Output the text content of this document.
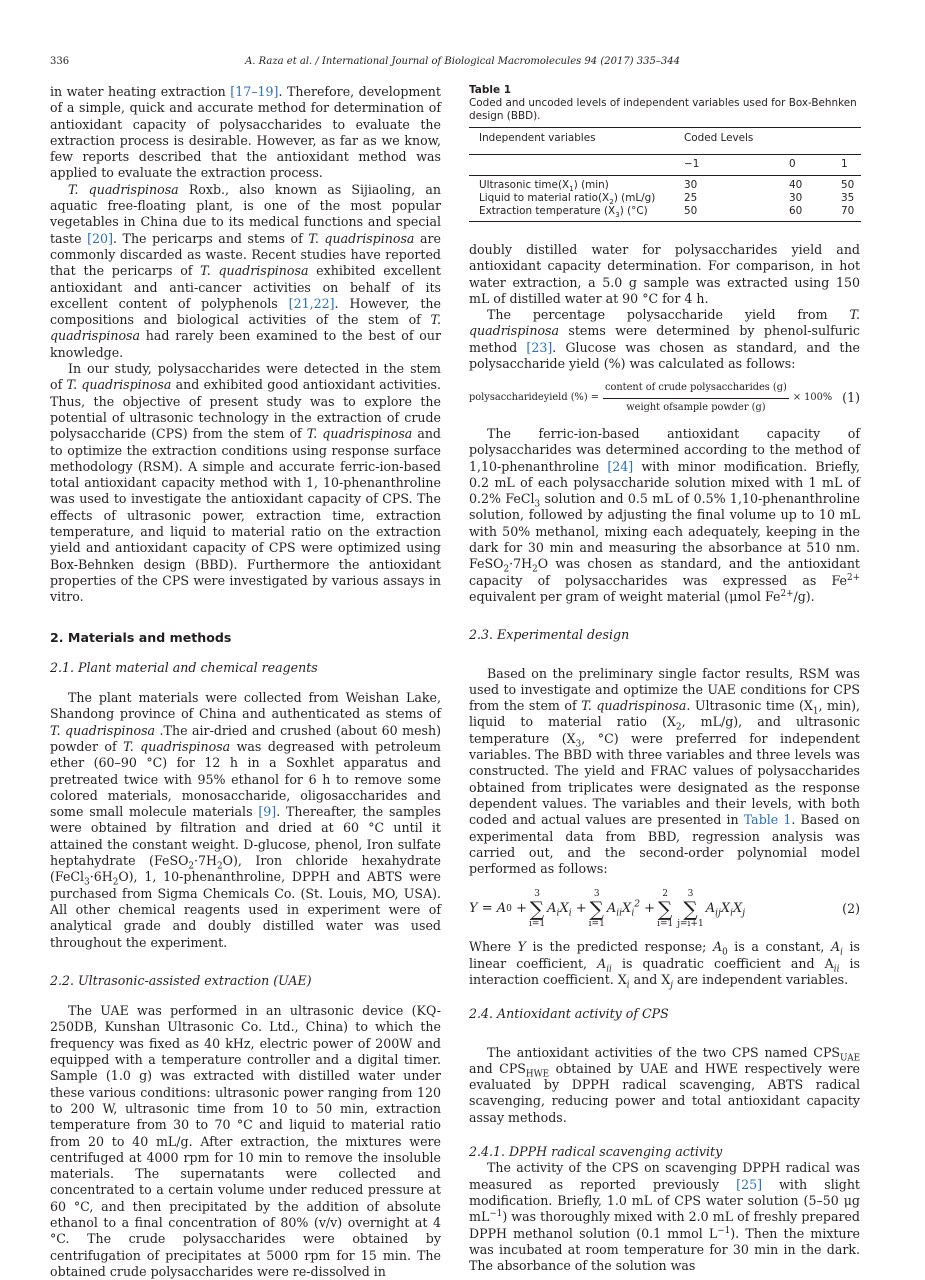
336	A. Raza et al. / International Journal of Biological Macromolecules 94 (2017) 335–344

in water heating extraction [17–19]. Therefore, development of a simple, quick and accurate method for determination of antioxidant capacity of polysaccharides to evaluate the extraction process is desirable. However, as far as we know, few reports described that the antioxidant method was applied to evaluate the extraction process.

T. quadrispinosa Roxb., also known as Sijiaoling, an aquatic free-floating plant, is one of the most popular vegetables in China due to its medical functions and special taste [20]. The pericarps and stems of T. quadrispinosa are commonly discarded as waste. Recent studies have reported that the pericarps of T. quadrispinosa exhibited excellent antioxidant and anti-cancer activities on behalf of its excellent content of polyphenols [21,22]. However, the compositions and biological activities of the stem of T. quadrispinosa had rarely been examined to the best of our knowledge.

In our study, polysaccharides were detected in the stem of T. quadrispinosa and exhibited good antioxidant activities. Thus, the objective of present study was to explore the potential of ultrasonic technology in the extraction of crude polysaccharide (CPS) from the stem of T. quadrispinosa and to optimize the extraction conditions using response surface methodology (RSM). A simple and accurate ferric-ion-based total antioxidant capacity method with 1, 10-phenanthroline was used to investigate the antioxidant capacity of CPS. The effects of ultrasonic power, extraction time, extraction temperature, and liquid to material ratio on the extraction yield and antioxidant capacity of CPS were optimized using Box-Behnken design (BBD). Furthermore the antioxidant properties of the CPS were investigated by various assays in vitro.

2. Materials and methods
2.1. Plant material and chemical reagents

The plant materials were collected from Weishan Lake, Shandong province of China and authenticated as stems of T. quadrispinosa .The air-dried and crushed (about 60 mesh) powder of T. quadrispinosa was degreased with petroleum ether (60–90 °C) for 12 h in a Soxhlet apparatus and pretreated twice with 95% ethanol for 6 h to remove some colored materials, monosaccharide, oligosaccharides and some small molecule materials [9]. Thereafter, the samples were obtained by filtration and dried at 60 °C until it attained the constant weight. D-glucose, phenol, Iron sulfate heptahydrate $(FeSO_2\cdot 7H_2O)$, Iron chloride hexahydrate $(FeCl_3\cdot 6H_2O)$, 1, 10-phenanthroline, DPPH and ABTS were purchased from Sigma Chemicals Co. (St. Louis, MO, USA). All other chemical reagents used in experiment were of analytical grade and doubly distilled water was used throughout the experiment.

2.2. Ultrasonic-assisted extraction (UAE)

The UAE was performed in an ultrasonic device (KQ-250DB, Kunshan Ultrasonic Co. Ltd., China) to which the frequency was fixed as 40 kHz, electric power of 200W and equipped with a temperature controller and a digital timer. Sample (1.0 g) was extracted with distilled water under these various conditions: ultrasonic power ranging from 120 to 200 W, ultrasonic time from 10 to 50 min, extraction temperature from 30 to 70 °C and liquid to material ratio from 20 to 40 mL/g. After extraction, the mixtures were centrifuged at 4000 rpm for 10 min to remove the insoluble materials. The supernatants were collected and concentrated to a certain volume under reduced pressure at 60 °C, and then precipitated by the addition of absolute ethanol to a final concentration of 80% (v/v) overnight at 4 °C. The crude polysaccharides were obtained by centrifugation of precipitates at 5000 rpm for 15 min. The obtained crude polysaccharides were re-dissolved in

Table 1
Coded and uncoded levels of independent variables used for Box-Behnken design (BBD).
Independent variables	Coded Levels		
	−1	0	1
Ultrasonic $time(X_1)$ (min)	30	40	50
Liquid to material $ratio(X_2)$ (mL/g)	25	30	35
Extraction temperature $(X_3)$ (°C)	50	60	70

doubly distilled water for polysaccharides yield and antioxidant capacity determination. For comparison, in hot water extraction, a 5.0 g sample was extracted using 150 mL of distilled water at 90 °C for 4 h.

The percentage polysaccharide yield from T. quadrispinosa stems were determined by phenol-sulfuric method [23]. Glucose was chosen as standard, and the polysaccharide yield (%) was calculated as follows:

polysaccharideyield (%) = $\frac{\text{content of crude polysaccharides (g)}}{\text{weight ofsample powder (g)}} \times 100\%$ (1)

The ferric-ion-based antioxidant capacity of polysaccharides was determined according to the method of 1,10-phenanthroline [24] with minor modification. Briefly, 0.2 mL of each polysaccharide solution mixed with 1 mL of 0.2% FeCl$_3$ solution and 0.5 mL of 0.5% 1,10-phenanthroline solution, followed by adjusting the final volume up to 10 mL with 50% methanol, mixing each adequately, keeping in the dark for 30 min and measuring the absorbance at 510 nm. $FeSO_2\cdot 7H_2O$ was chosen as standard, and the antioxidant capacity of polysaccharides was expressed as $Fe^{2+}$ equivalent per gram of weight material (μmol $Fe^{2+}/g$).

2.3. Experimental design

Based on the preliminary single factor results, RSM was used to investigate and optimize the UAE conditions for CPS from the stem of T. quadrispinosa. Ultrasonic time ($X_1$, min), liquid to material ratio ($X_2$, mL/g), and ultrasonic temperature ($X_3$, °C) were preferred for independent variables. The BBD with three variables and three levels was constructed. The yield and FRAC values of polysaccharides obtained from triplicates were designated as the response dependent values. The variables and their levels, with both coded and actual values are presented in Table 1. Based on experimental data from BBD, regression analysis was carried out, and the second-order polynomial model performed as follows:

Y = A 0 +
3
∑
i=1
$A_iX_i$ +
3
∑
i=1
$A_{ii}X_i^2$ +
2
∑
i=1
3
∑
j=i+1
$A_{ij}X_iX_j$	(2)

Where Y is the predicted response; $A_0$ is a constant, $A_i$ is linear coefficient, $A_{ii}$ is quadratic coefficient and $A_{ii}$ is interaction coefficient. $X_i$ and $X_j$ are independent variables.

2.4. Antioxidant activity of CPS

The antioxidant activities of the two CPS named $CPS_{UAE}$ and $CPS_{HWE}$ obtained by UAE and HWE respectively were evaluated by DPPH radical scavenging, ABTS radical scavenging, reducing power and total antioxidant capacity assay methods.

2.4.1. DPPH radical scavenging activity

The activity of the CPS on scavenging DPPH radical was measured as reported previously [25] with slight modification. Briefly, 1.0 mL of CPS water solution (5–50 μg $mL^{-1}$) was thoroughly mixed with 2.0 mL of freshly prepared DPPH methanol solution (0.1 mmol $L^{-1}$). Then the mixture was incubated at room temperature for 30 min in the dark. The absorbance of the solution was
